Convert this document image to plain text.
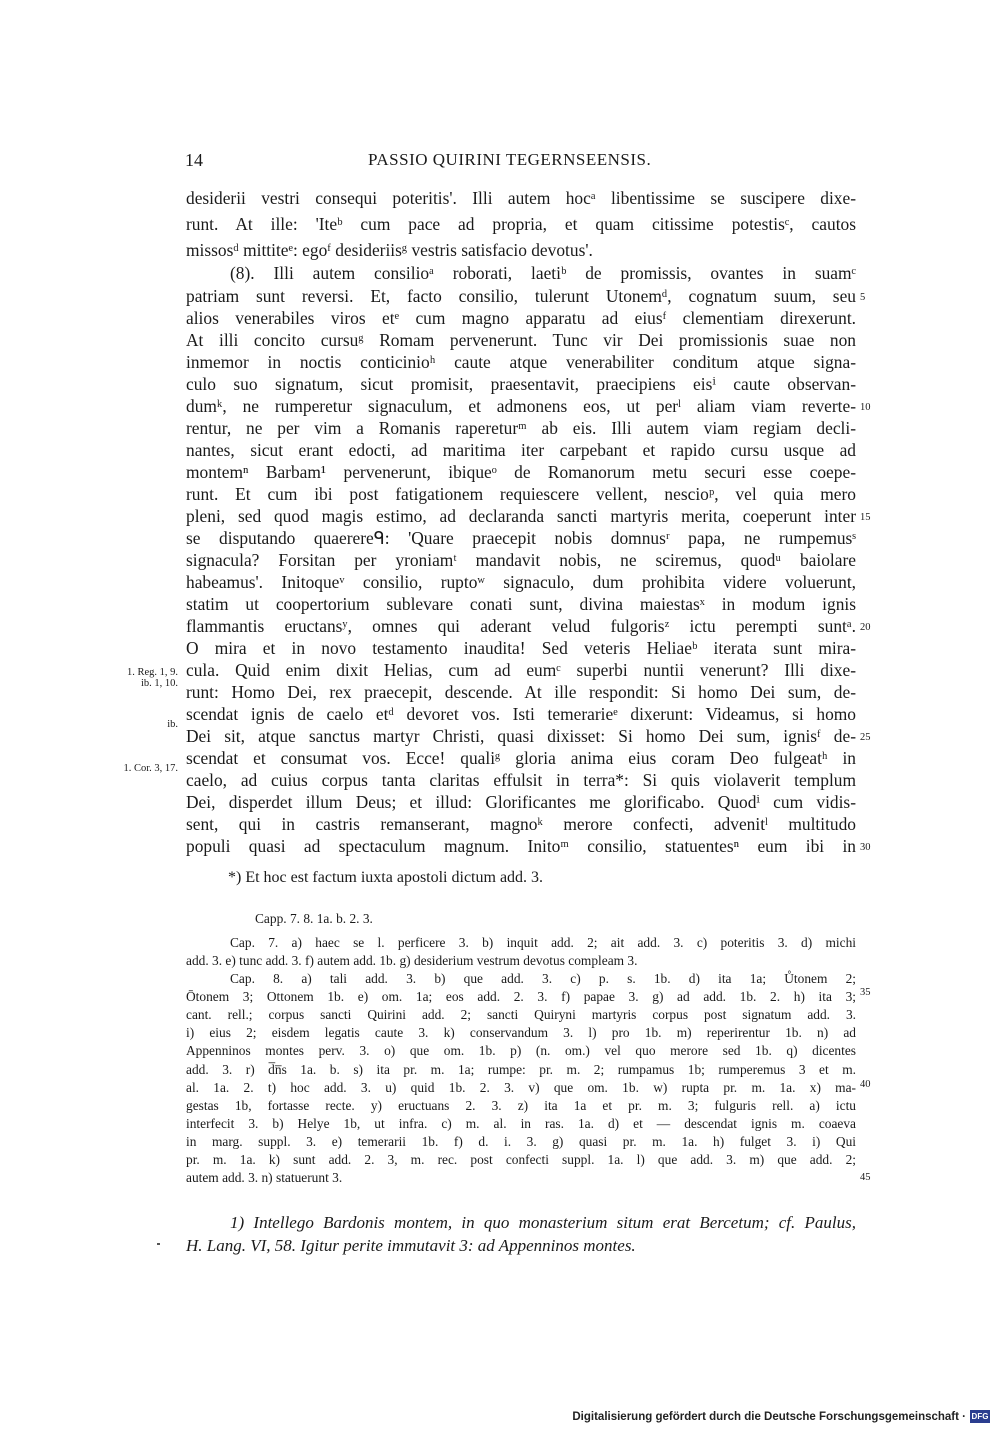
14	PASSIO QUIRINI TEGERNSEENSIS.
desiderii vestri consequi poteritis'. Illi autem hocᵃ libentissime se suscipere dixe-
runt. At ille: 'Iteᵇ cum pace ad propria, et quam citissime potestisᶜ, cautos
missosᵈ mittiteᵉ: egoᶠ desideriisᵍ vestris satisfacio devotus'.
(8). Illi autem consilioᵃ roborati, laetiᵇ de promissis, ovantes in suamᶜ
patriam sunt reversi. Et, facto consilio, tulerunt Utonemᵈ, cognatum suum, seu
alios venerabiles viros etᵉ cum magno apparatu ad eiusᶠ clementiam direxerunt.
At illi concito cursuᵍ Romam pervenerunt. Tunc vir Dei promissionis suae non
inmemor in noctis conticinioʰ caute atque venerabiliter conditum atque signa-
culo suo signatum, sicut promisit, praesentavit, praecipiens eisⁱ caute observan-
dumᵏ, ne rumperetur signaculum, et admonens eos, ut perˡ aliam viam reverte-
rentur, ne per vim a Romanis rapereturᵐ ab eis. Illi autem viam regiam decli-
nantes, sicut erant edocti, ad maritima iter carpebant et rapido cursu usque ad
montemⁿ Barbam¹ pervenerunt, ibiqueᵒ de Romanorum metu securi esse coepe-
runt. Et cum ibi post fatigationem requiescere vellent, nescioᵖ, vel quia mero
pleni, sed quod magis estimo, ad declaranda sancti martyris merita, coeperunt inter
se disputando quaerereᑫ: 'Quare praecepit nobis domnusʳ papa, ne rumpemusˢ
signacula? Forsitan per yroniamᵗ mandavit nobis, ne sciremus, quodᵘ baiolare
habeamus'. Initoqueᵛ consilio, ruptoʷ signaculo, dum prohibita videre voluerunt,
statim ut coopertorium sublevare conati sunt, divina maiestasˣ in modum ignis
flammantis eructansʸ, omnes qui aderant velud fulgorisᶻ ictu perempti suntᵃ.
O mira et in novo testamento inaudita! Sed veteris Heliaeᵇ iterata sunt mira-
cula. Quid enim dixit Helias, cum ad eumᶜ superbi nuntii venerunt? Illi dixe-
runt: Homo Dei, rex praecepit, descende. At ille respondit: Si homo Dei sum, de-
scendat ignis de caelo etᵈ devoret vos. Isti temerarieᵉ dixerunt: Videamus, si homo
Dei sit, atque sanctus martyr Christi, quasi dixisset: Si homo Dei sum, ignisᶠ de-
scendat et consumat vos. Ecce! qualiᵍ gloria anima eius coram Deo fulgeatʰ in
caelo, ad cuius corpus tanta claritas effulsit in terra*: Si quis violaverit templum
Dei, disperdet illum Deus; et illud: Glorificantes me glorificabo. Quodⁱ cum vidis-
sent, qui in castris remanserant, magnoᵏ merore confecti, advenitˡ multitudo
populi quasi ad spectaculum magnum. Initoᵐ consilio, statuentesⁿ eum ibi in
1. Reg. 1, 9.
ib. 1, 10.
ib.
1. Cor. 3, 17.
5
10
15
20
25
30
35
40
45
*) Et hoc est factum iuxta apostoli dictum add. 3.
Capp. 7. 8. 1a. b. 2. 3.
Cap. 7. a) haec se l. perficere 3. b) inquit add. 2; ait add. 3. c) poteritis 3. d) michi
add. 3. e) tunc add. 3. f) autem add. 1b. g) desiderium vestrum devotus compleam 3.
Cap. 8. a) tali add. 3. b) que add. 3. c) p. s. 1b. d) ita 1a; Ůtonem 2;
Ōtonem 3; Ottonem 1b. e) om. 1a; eos add. 2. 3. f) papae 3. g) ad add. 1b. 2. h) ita 3;
cant. rell.; corpus sancti Quirini add. 2; sancti Quiryni martyris corpus post signatum add. 3.
i) eius 2; eisdem legatis caute 3. k) conservandum 3. l) pro 1b. m) reperirentur 1b. n) ad
Appenninos montes perv. 3. o) que om. 1b. p) (n. om.) vel quo merore sed 1b. q) dicentes
add. 3. r) d̅n̅s 1a. b. s) ita pr. m. 1a; rumpe: pr. m. 2; rumpamus 1b; rumperemus 3 et m.
al. 1a. 2. t) hoc add. 3. u) quid 1b. 2. 3. v) que om. 1b. w) rupta pr. m. 1a. x) ma-
gestas 1b, fortasse recte. y) eructuans 2. 3. z) ita 1a et pr. m. 3; fulguris rell. a) ictu
interfecit 3. b) Helye 1b, ut infra. c) m. al. in ras. 1a. d) et — descendat ignis m. coaeva
in marg. suppl. 3. e) temerarii 1b. f) d. i. 3. g) quasi pr. m. 1a. h) fulget 3. i) Qui
pr. m. 1a. k) sunt add. 2. 3, m. rec. post confecti suppl. 1a. l) que add. 3. m) que add. 2;
autem add. 3. n) statuerunt 3.
1) Intellego Bardonis montem, in quo monasterium situm erat Bercetum; cf. Paulus,
H. Lang. VI, 58. Igitur perite immutavit 3: ad Appenninos montes.
Digitalisierung gefördert durch die Deutsche Forschungsgemeinschaft · DFG
